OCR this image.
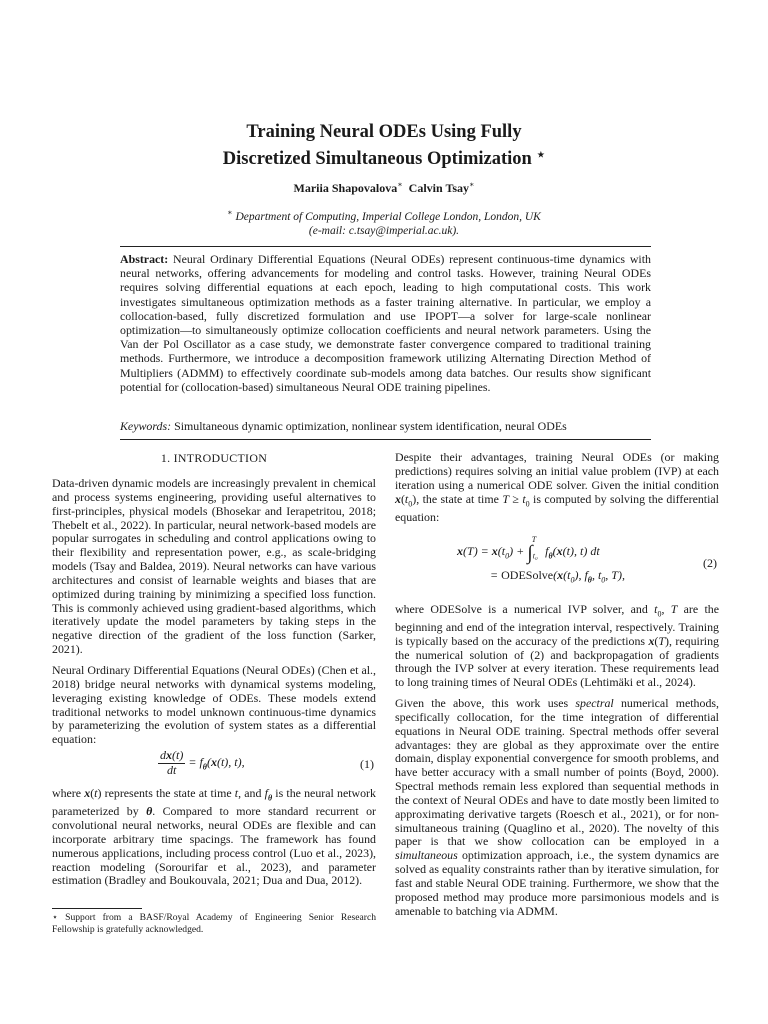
Training Neural ODEs Using Fully
Discretized Simultaneous Optimization ⋆
Mariia Shapovalova∗ Calvin Tsay∗
∗ Department of Computing, Imperial College London, London, UK
(e-mail: c.tsay@imperial.ac.uk).
Abstract: Neural Ordinary Differential Equations (Neural ODEs) represent continuous-time dynamics with neural networks, offering advancements for modeling and control tasks. However, training Neural ODEs requires solving differential equations at each epoch, leading to high computational costs. This work investigates simultaneous optimization methods as a faster training alternative. In particular, we employ a collocation-based, fully discretized formulation and use IPOPT—a solver for large-scale nonlinear optimization—to simultaneously optimize collocation coefficients and neural network parameters. Using the Van der Pol Oscillator as a case study, we demonstrate faster convergence compared to traditional training methods. Furthermore, we introduce a decomposition framework utilizing Alternating Direction Method of Multipliers (ADMM) to effectively coordinate sub-models among data batches. Our results show significant potential for (collocation-based) simultaneous Neural ODE training pipelines.
Keywords: Simultaneous dynamic optimization, nonlinear system identification, neural ODEs
1. INTRODUCTION

Data-driven dynamic models are increasingly prevalent in chemical and process systems engineering, providing useful alternatives to first-principles, physical models (Bhosekar and Ierapetritou, 2018; Thebelt et al., 2022). In particular, neural network-based models are popular surrogates in scheduling and control applications owing to their flexibility and representation power, e.g., as scale-bridging models (Tsay and Baldea, 2019). Neural networks can have various architectures and consist of learnable weights and biases that are optimized during training by minimizing a specified loss function. This is commonly achieved using gradient-based algorithms, which iteratively update the model parameters by taking steps in the negative direction of the gradient of the loss function (Sarker, 2021).

Neural Ordinary Differential Equations (Neural ODEs) (Chen et al., 2018) bridge neural networks with dynamical systems modeling, leveraging existing knowledge of ODEs. These models extend traditional networks to model unknown continuous-time dynamics by parameterizing the evolution of system states as a differential equation:

$\frac{dx(t)}{dt} = f_\theta(x(t)$, t),	(1)

where x(t) represents the state at time t, and $f_\theta$ is the neural network parameterized by θ. Compared to more standard recurrent or convolutional neural networks, neural ODEs are flexible and can incorporate arbitrary time spacings. The framework has found numerous applications, including process control (Luo et al., 2023), reaction modeling (Sorourifar et al., 2023), and parameter estimation (Bradley and Boukouvala, 2021; Dua and Dua, 2012).

⋆ Support from a BASF/Royal Academy of Engineering Senior Research Fellowship is gratefully acknowledged.

Despite their advantages, training Neural ODEs (or making predictions) requires solving an initial value problem (IVP) at each iteration using a numerical ODE solver. Given the initial condition $x(t_0)$, the state at time $T \ge t_0$ is computed by solving the differential equation:

$x(T) = x(t_0) + \int_{t_0}^T$ $f_\theta(x(t)$, t) dt
= $ODESolve(x(t_0)$, $f_\theta$, $t_0$, T),
(2)

where ODESolve is a numerical IVP solver, and $t_0$, T are the beginning and end of the integration interval, respectively. Training is typically based on the accuracy of the predictions x(T), requiring the numerical solution of (2) and backpropagation of gradients through the IVP solver at every iteration. These requirements lead to long training times of Neural ODEs (Lehtimäki et al., 2024).

Given the above, this work uses spectral numerical methods, specifically collocation, for the time integration of differential equations in Neural ODE training. Spectral methods offer several advantages: they are global as they approximate over the entire domain, display exponential convergence for smooth problems, and have better accuracy with a small number of points (Boyd, 2000). Spectral methods remain less explored than sequential methods in the context of Neural ODEs and have to date mostly been limited to approximating derivative targets (Roesch et al., 2021), or for non-simultaneous training (Quaglino et al., 2020). The novelty of this paper is that we show collocation can be employed in a simultaneous optimization approach, i.e., the system dynamics are solved as equality constraints rather than by iterative simulation, for fast and stable Neural ODE training. Furthermore, we show that the proposed method may produce more parsimonious models and is amenable to batching via ADMM.
